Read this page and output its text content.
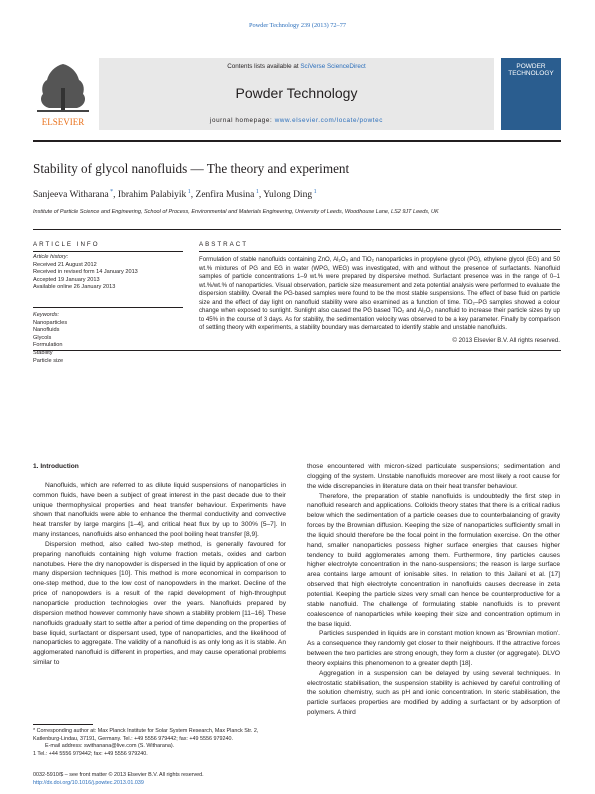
Powder Technology 239 (2013) 72–77
ELSEVIER
Contents lists available at SciVerse ScienceDirect
Powder Technology
journal homepage: www.elsevier.com/locate/powtec
POWDER TECHNOLOGY
Stability of glycol nanofluids — The theory and experiment
Sanjeeva Witharana *, Ibrahim Palabiyik $^1$, Zenfira Musina $^1$, Yulong Ding $^1$
Institute of Particle Science and Engineering, School of Process, Environmental and Materials Engineering, University of Leeds, Woodhouse Lane, LS2 9JT Leeds, UK
ARTICLE INFO
Article history:
Received 21 August 2012
Received in revised form 14 January 2013
Accepted 19 January 2013
Available online 26 January 2013
Keywords:
Nanoparticles
Nanofluids
Glycols
Formulation
Stability
Particle size
ABSTRACT
Formulation of stable nanofluids containing ZnO, Al₂O₃ and TiO₂ nanoparticles in propylene glycol (PG), ethylene glycol (EG) and 50 wt.% mixtures of PG and EG in water (WPG, WEG) was investigated, with and without the presence of surfactants. Nanofluid samples of particle concentrations 1–9 wt.% were prepared by dispersive method. Surfactant presence was in the range of 0–1 wt.%/wt.% of nanoparticles. Visual observation, particle size measurement and zeta potential analysis were performed to evaluate the dispersion stability. Overall the PG-based samples were found to be the most stable suspensions. The effect of base fluid on particle size and the effect of day light on nanofluid stability were also examined as a function of time. TiO₂–PG samples showed a colour change when exposed to sunlight. Sunlight also caused the PG based TiO₂ and Al₂O₃ nanofluid to increase their particle sizes by up to 45% in the course of 3 days. As for stability, the sedimentation velocity was observed to be a key parameter. Finally by comparison of settling theory with experiments, a stability boundary was demarcated to identify stable and unstable nanofluids.
© 2013 Elsevier B.V. All rights reserved.
1. Introduction

Nanofluids, which are referred to as dilute liquid suspensions of nanoparticles in common fluids, have been a subject of great interest in the past decade due to their unique thermophysical properties and heat transfer behaviour. Experiments have shown that nanofluids were able to enhance the thermal conductivity and convective heat transfer by large margins [1–4], and critical heat flux by up to 300% [5–7]. In many instances, nanofluids also enhanced the pool boiling heat transfer [8,9].

Dispersion method, also called two-step method, is generally favoured for preparing nanofluids containing high volume fraction metals, oxides and carbon nanotubes. Here the dry nanopowder is dispersed in the liquid by application of one or many dispersion techniques [10]. This method is more economical in comparison to one-step method, due to the low cost of nanopowders in the market. Decline of the price of nanopowders is a result of the rapid development of high-throughput nanoparticle production technologies over the years. Nanofluids prepared by dispersion method however commonly have shown a stability problem [11–16]. These nanofluids gradually start to settle after a period of time depending on the properties of base liquid, surfactant or dispersant used, type of nanoparticles, and the likelihood of nanoparticles to aggregate. The validity of a nanofluid is as only long as it is stable. An agglomerated nanofluid is different in properties, and may cause operational problems similar to

those encountered with micron-sized particulate suspensions; sedimentation and clogging of the system. Unstable nanofluids moreover are most likely a root cause for the wide discrepancies in literature data on their heat transfer behaviour.

Therefore, the preparation of stable nanofluids is undoubtedly the first step in nanofluid research and applications. Colloids theory states that there is a critical radius below which the sedimentation of a particle ceases due to counterbalancing of gravity forces by the Brownian diffusion. Keeping the size of nanoparticles sufficiently small in the liquid should therefore be the focal point in the formulation exercise. On the other hand, smaller nanoparticles possess higher surface energies that causes higher tendency to build agglomerates among them. Furthermore, tiny particles causes higher electrolyte concentration in the nano-suspensions; the reason is large surface area contains large amount of ionisable sites. In relation to this Jailani et al. [17] observed that high electrolyte concentration in nanofluids causes decrease in zeta potential. Keeping the particle sizes very small can hence be counterproductive for a stable nanofluid. The challenge of formulating stable nanofluids is to prevent coalescence of nanoparticles while keeping their size and concentration optimum in the base liquid.

Particles suspended in liquids are in constant motion known as 'Brownian motion'. As a consequence they randomly get closer to their neighbours. If the attractive forces between the two particles are strong enough, they form a cluster (or aggregate). DLVO theory explains this phenomenon to a greater depth [18].

Aggregation in a suspension can be delayed by using several techniques. In electrostatic stabilisation, the suspension stability is achieved by careful controlling of the solution chemistry, such as pH and ionic concentration. In steric stabilisation, the particle surfaces properties are modified by adding a surfactant or by adsorption of polymers. A third

* Corresponding author at: Max Planck Institute for Solar System Research, Max Planck Str. 2, Katlenburg-Lindau, 37191, Germany. Tel.: +49 5556 979442; fax: +49 5556 979240.
E-mail address: swithanana@live.com (S. Witharana).
1 Tel.: +44 5556 979442; fax: +49 5556 979240.
0032-5910/$ – see front matter © 2013 Elsevier B.V. All rights reserved.
http://dx.doi.org/10.1016/j.powtec.2013.01.039
